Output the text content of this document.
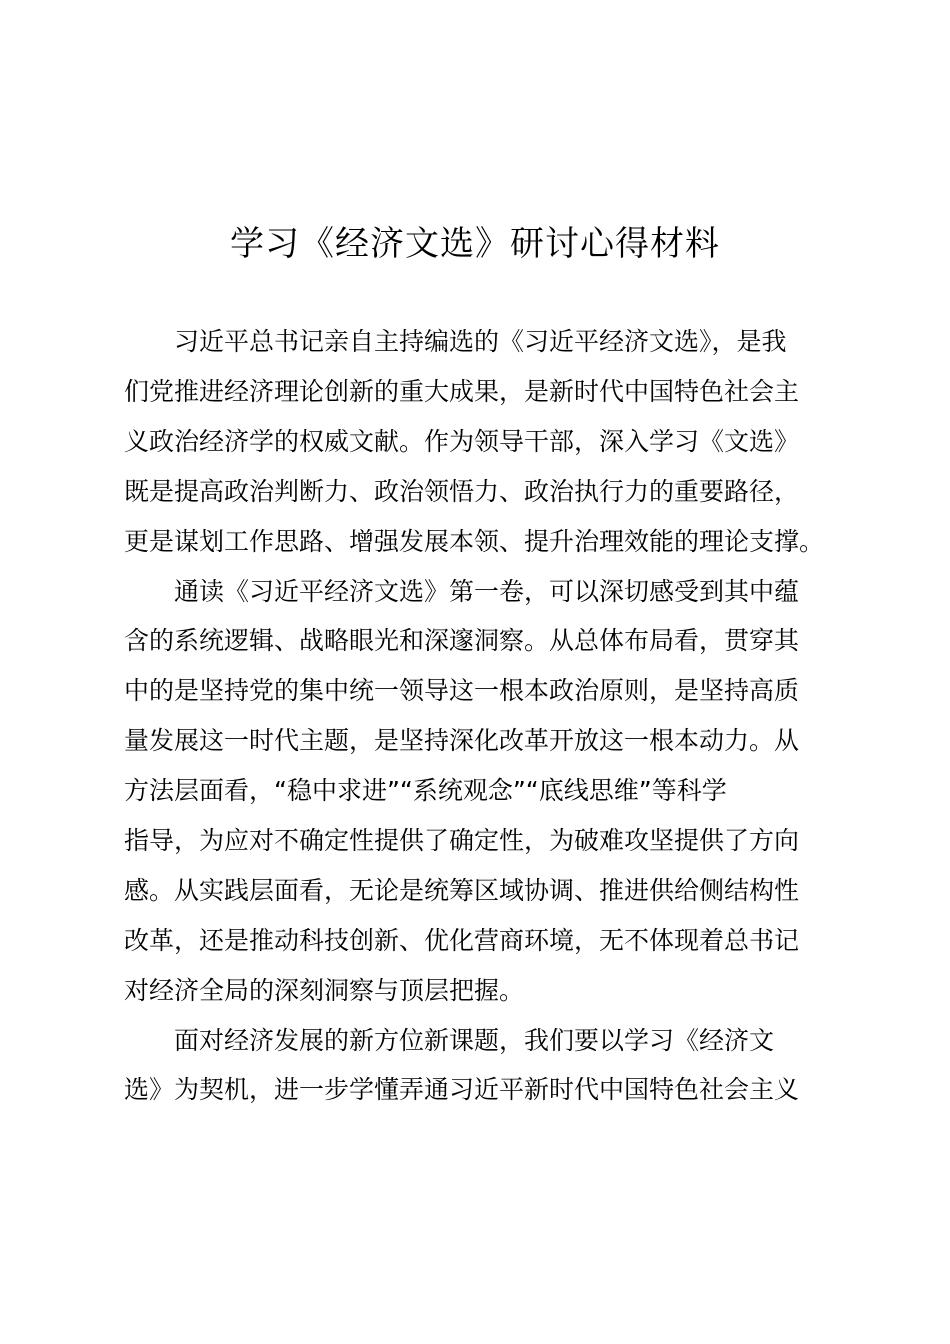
学习《经济文选》研讨心得材料

　　习近平总书记亲自主持编选的《习近平经济文选》，是我

们党推进经济理论创新的重大成果，是新时代中国特色社会主

义政治经济学的权威文献。作为领导干部，深入学习《文选》

既是提高政治判断力、政治领悟力、政治执行力的重要路径，

更是谋划工作思路、增强发展本领、提升治理效能的理论支撑。

　　通读《习近平经济文选》第一卷，可以深切感受到其中蕴

含的系统逻辑、战略眼光和深邃洞察。从总体布局看，贯穿其

中的是坚持党的集中统一领导这一根本政治原则，是坚持高质

量发展这一时代主题，是坚持深化改革开放这一根本动力。从

方法层面看，“稳中求进”“系统观念”“底线思维”等科学

指导，为应对不确定性提供了确定性，为破难攻坚提供了方向

感。从实践层面看，无论是统筹区域协调、推进供给侧结构性

改革，还是推动科技创新、优化营商环境，无不体现着总书记

对经济全局的深刻洞察与顶层把握。

　　面对经济发展的新方位新课题，我们要以学习《经济文

选》为契机，进一步学懂弄通习近平新时代中国特色社会主义
